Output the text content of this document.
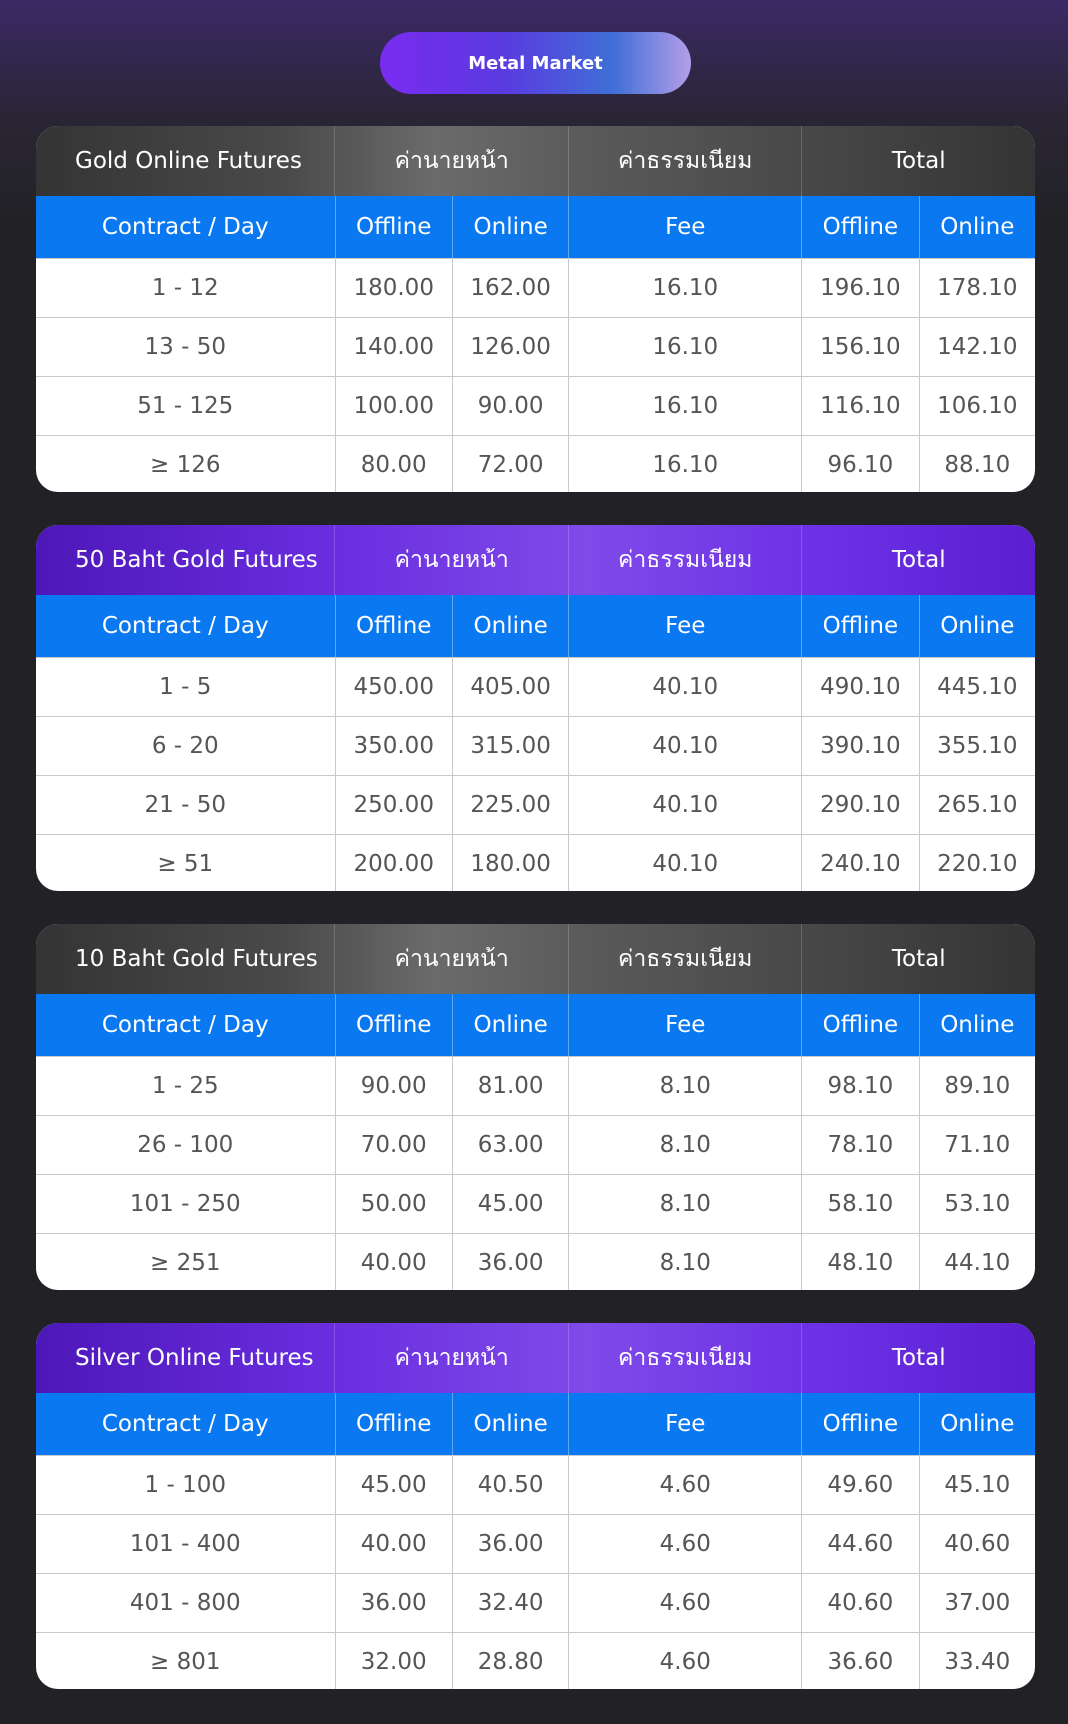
Metal Market
Gold Online Futures	ค่านายหน้า	ค่าธรรมเนียม	Total
Contract / Day	Offline	Online	Fee	Offline	Online
1 - 12	180.00	162.00	16.10	196.10	178.10
13 - 50	140.00	126.00	16.10	156.10	142.10
51 - 125	100.00	90.00	16.10	116.10	106.10
≥ 126	80.00	72.00	16.10	96.10	88.10
50 Baht Gold Futures	ค่านายหน้า	ค่าธรรมเนียม	Total
Contract / Day	Offline	Online	Fee	Offline	Online
1 - 5	450.00	405.00	40.10	490.10	445.10
6 - 20	350.00	315.00	40.10	390.10	355.10
21 - 50	250.00	225.00	40.10	290.10	265.10
≥ 51	200.00	180.00	40.10	240.10	220.10
10 Baht Gold Futures	ค่านายหน้า	ค่าธรรมเนียม	Total
Contract / Day	Offline	Online	Fee	Offline	Online
1 - 25	90.00	81.00	8.10	98.10	89.10
26 - 100	70.00	63.00	8.10	78.10	71.10
101 - 250	50.00	45.00	8.10	58.10	53.10
≥ 251	40.00	36.00	8.10	48.10	44.10
Silver Online Futures	ค่านายหน้า	ค่าธรรมเนียม	Total
Contract / Day	Offline	Online	Fee	Offline	Online
1 - 100	45.00	40.50	4.60	49.60	45.10
101 - 400	40.00	36.00	4.60	44.60	40.60
401 - 800	36.00	32.40	4.60	40.60	37.00
≥ 801	32.00	28.80	4.60	36.60	33.40
